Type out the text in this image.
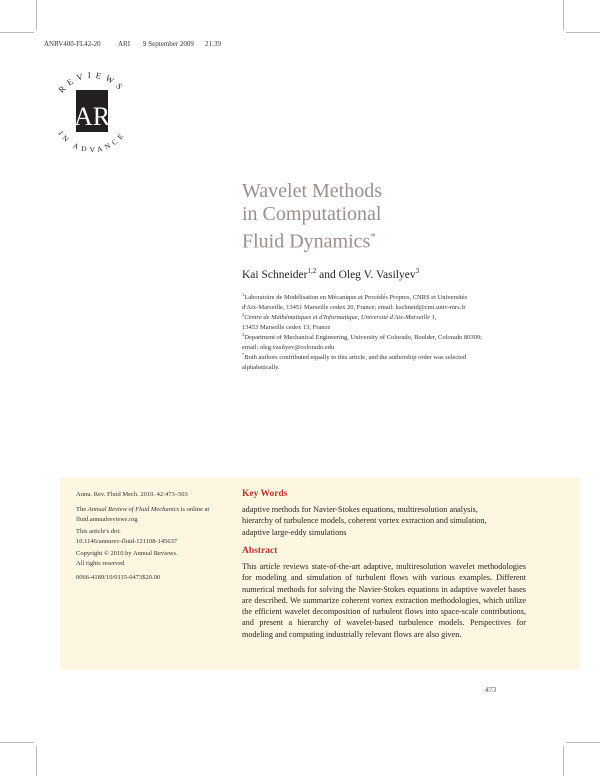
ANRV400-FL42-20 ARI 9 September 2009 21:39
REVIEWS
IN ADVANCE
AR
Wavelet Methods
in Computational
Fluid Dynamics*
Kai Schneider$^{1,2}$ and Oleg V. Vasilyev$^3$
$^1$Laboratoire de Modélisation en Mécanique et Procédés Propres, CNRS et Universités
d'Aix-Marseille, 13451 Marseille cedex 20, France; email: kschneid@cmi.univ-mrs.fr
$^2$Centre de Mathématiques et d'Informatique, Université d'Aix-Marseille 1,
13453 Marseille cedex 13, France
$^3$Department of Mechanical Engineering, University of Colorado, Boulder, Colorado 80309;
email: oleg.vasilyev@colorado.edu
*Both authors contributed equally to this article, and the authorship order was selected
alphabetically.
Annu. Rev. Fluid Mech. 2010. 42:473–503
The Annual Review of Fluid Mechanics is online at
fluid.annualreviews.org
This article's doi:
10.1146/annurev-fluid-121108-145637
Copyright © 2010 by Annual Reviews.
All rights reserved
0066-4189/10/0115-0473$20.00
Key Words
adaptive methods for Navier-Stokes equations, multiresolution analysis,
hierarchy of turbulence models, coherent vortex extraction and simulation,
adaptive large-eddy simulations
Abstract
This article reviews state-of-the-art adaptive, multiresolution wavelet methodologies for modeling and simulation of turbulent flows with various examples. Different numerical methods for solving the Navier-Stokes equations in adaptive wavelet bases are described. We summarize coherent vortex extraction methodologies, which utilize the efficient wavelet decomposition of turbulent flows into space-scale contributions, and present a hierarchy of wavelet-based turbulence models. Perspectives for modeling and computing industrially relevant flows are also given.
473
